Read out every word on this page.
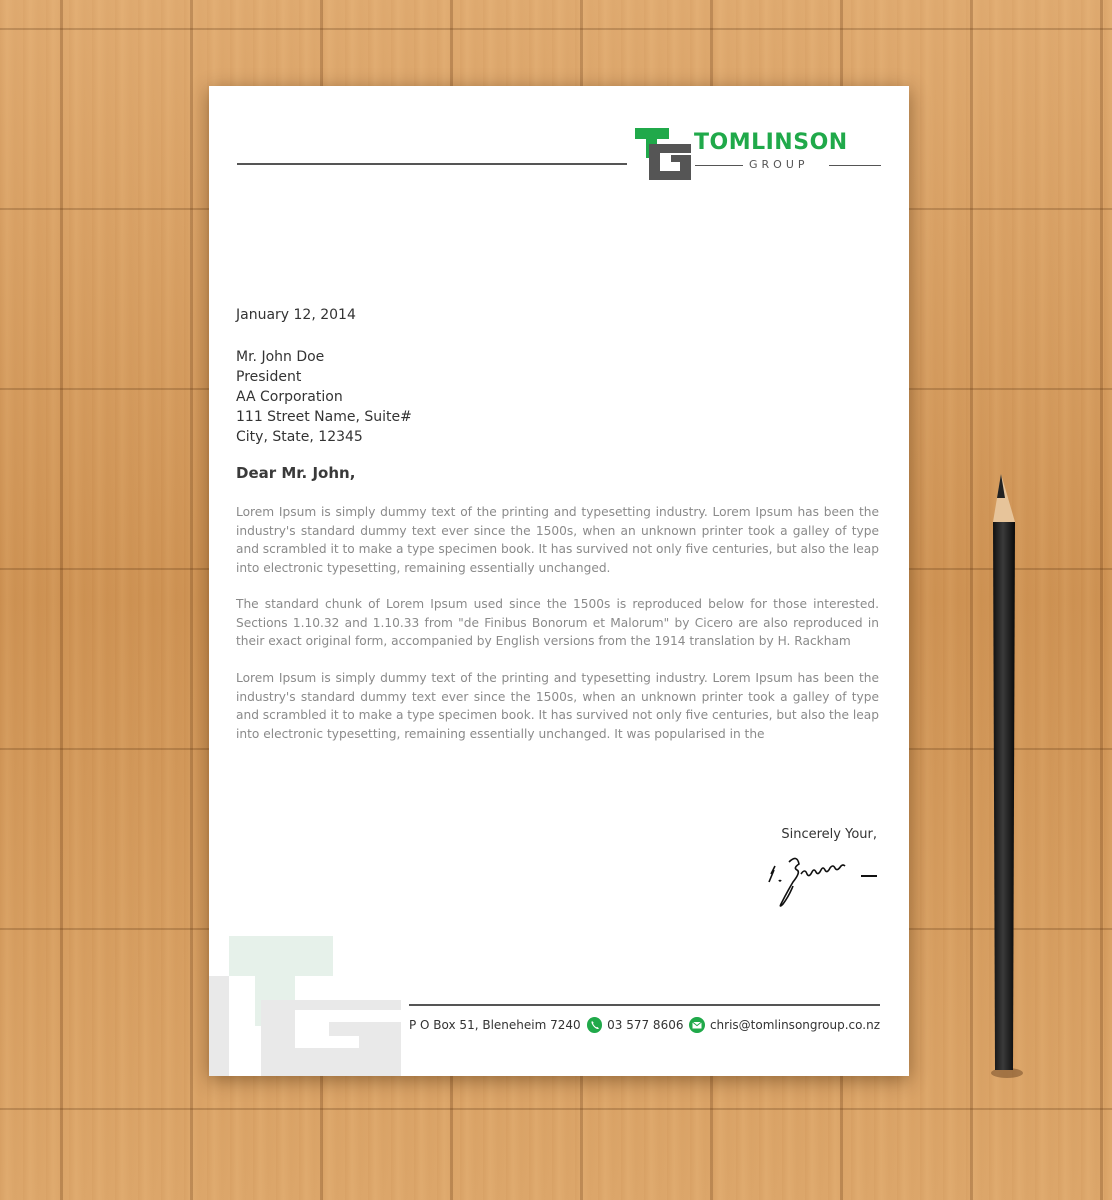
TOMLINSON
GROUP
January 12, 2014
Mr. John Doe
President
AA Corporation
111 Street Name, Suite#
City, State, 12345
Dear Mr. John,
Lorem Ipsum is simply dummy text of the printing and typesetting industry. Lorem Ipsum has been the industry's standard dummy text ever since the 1500s, when an unknown printer took a galley of type and scrambled it to make a type specimen book. It has survived not only five centuries, but also the leap into electronic typesetting, remaining essentially unchanged.
The standard chunk of Lorem Ipsum used since the 1500s is reproduced below for those interested. Sections 1.10.32 and 1.10.33 from "de Finibus Bonorum et Malorum" by Cicero are also reproduced in their exact original form, accompanied by English versions from the 1914 translation by H. Rackham
Lorem Ipsum is simply dummy text of the printing and typesetting industry. Lorem Ipsum has been the industry's standard dummy text ever since the 1500s, when an unknown printer took a galley of type and scrambled it to make a type specimen book. It has survived not only five centuries, but also the leap into electronic typesetting, remaining essentially unchanged. It was popularised in the
Sincerely Your,
P O Box 51, Bleneheim 7240 03 577 8606 chris@tomlinsongroup.co.nz
